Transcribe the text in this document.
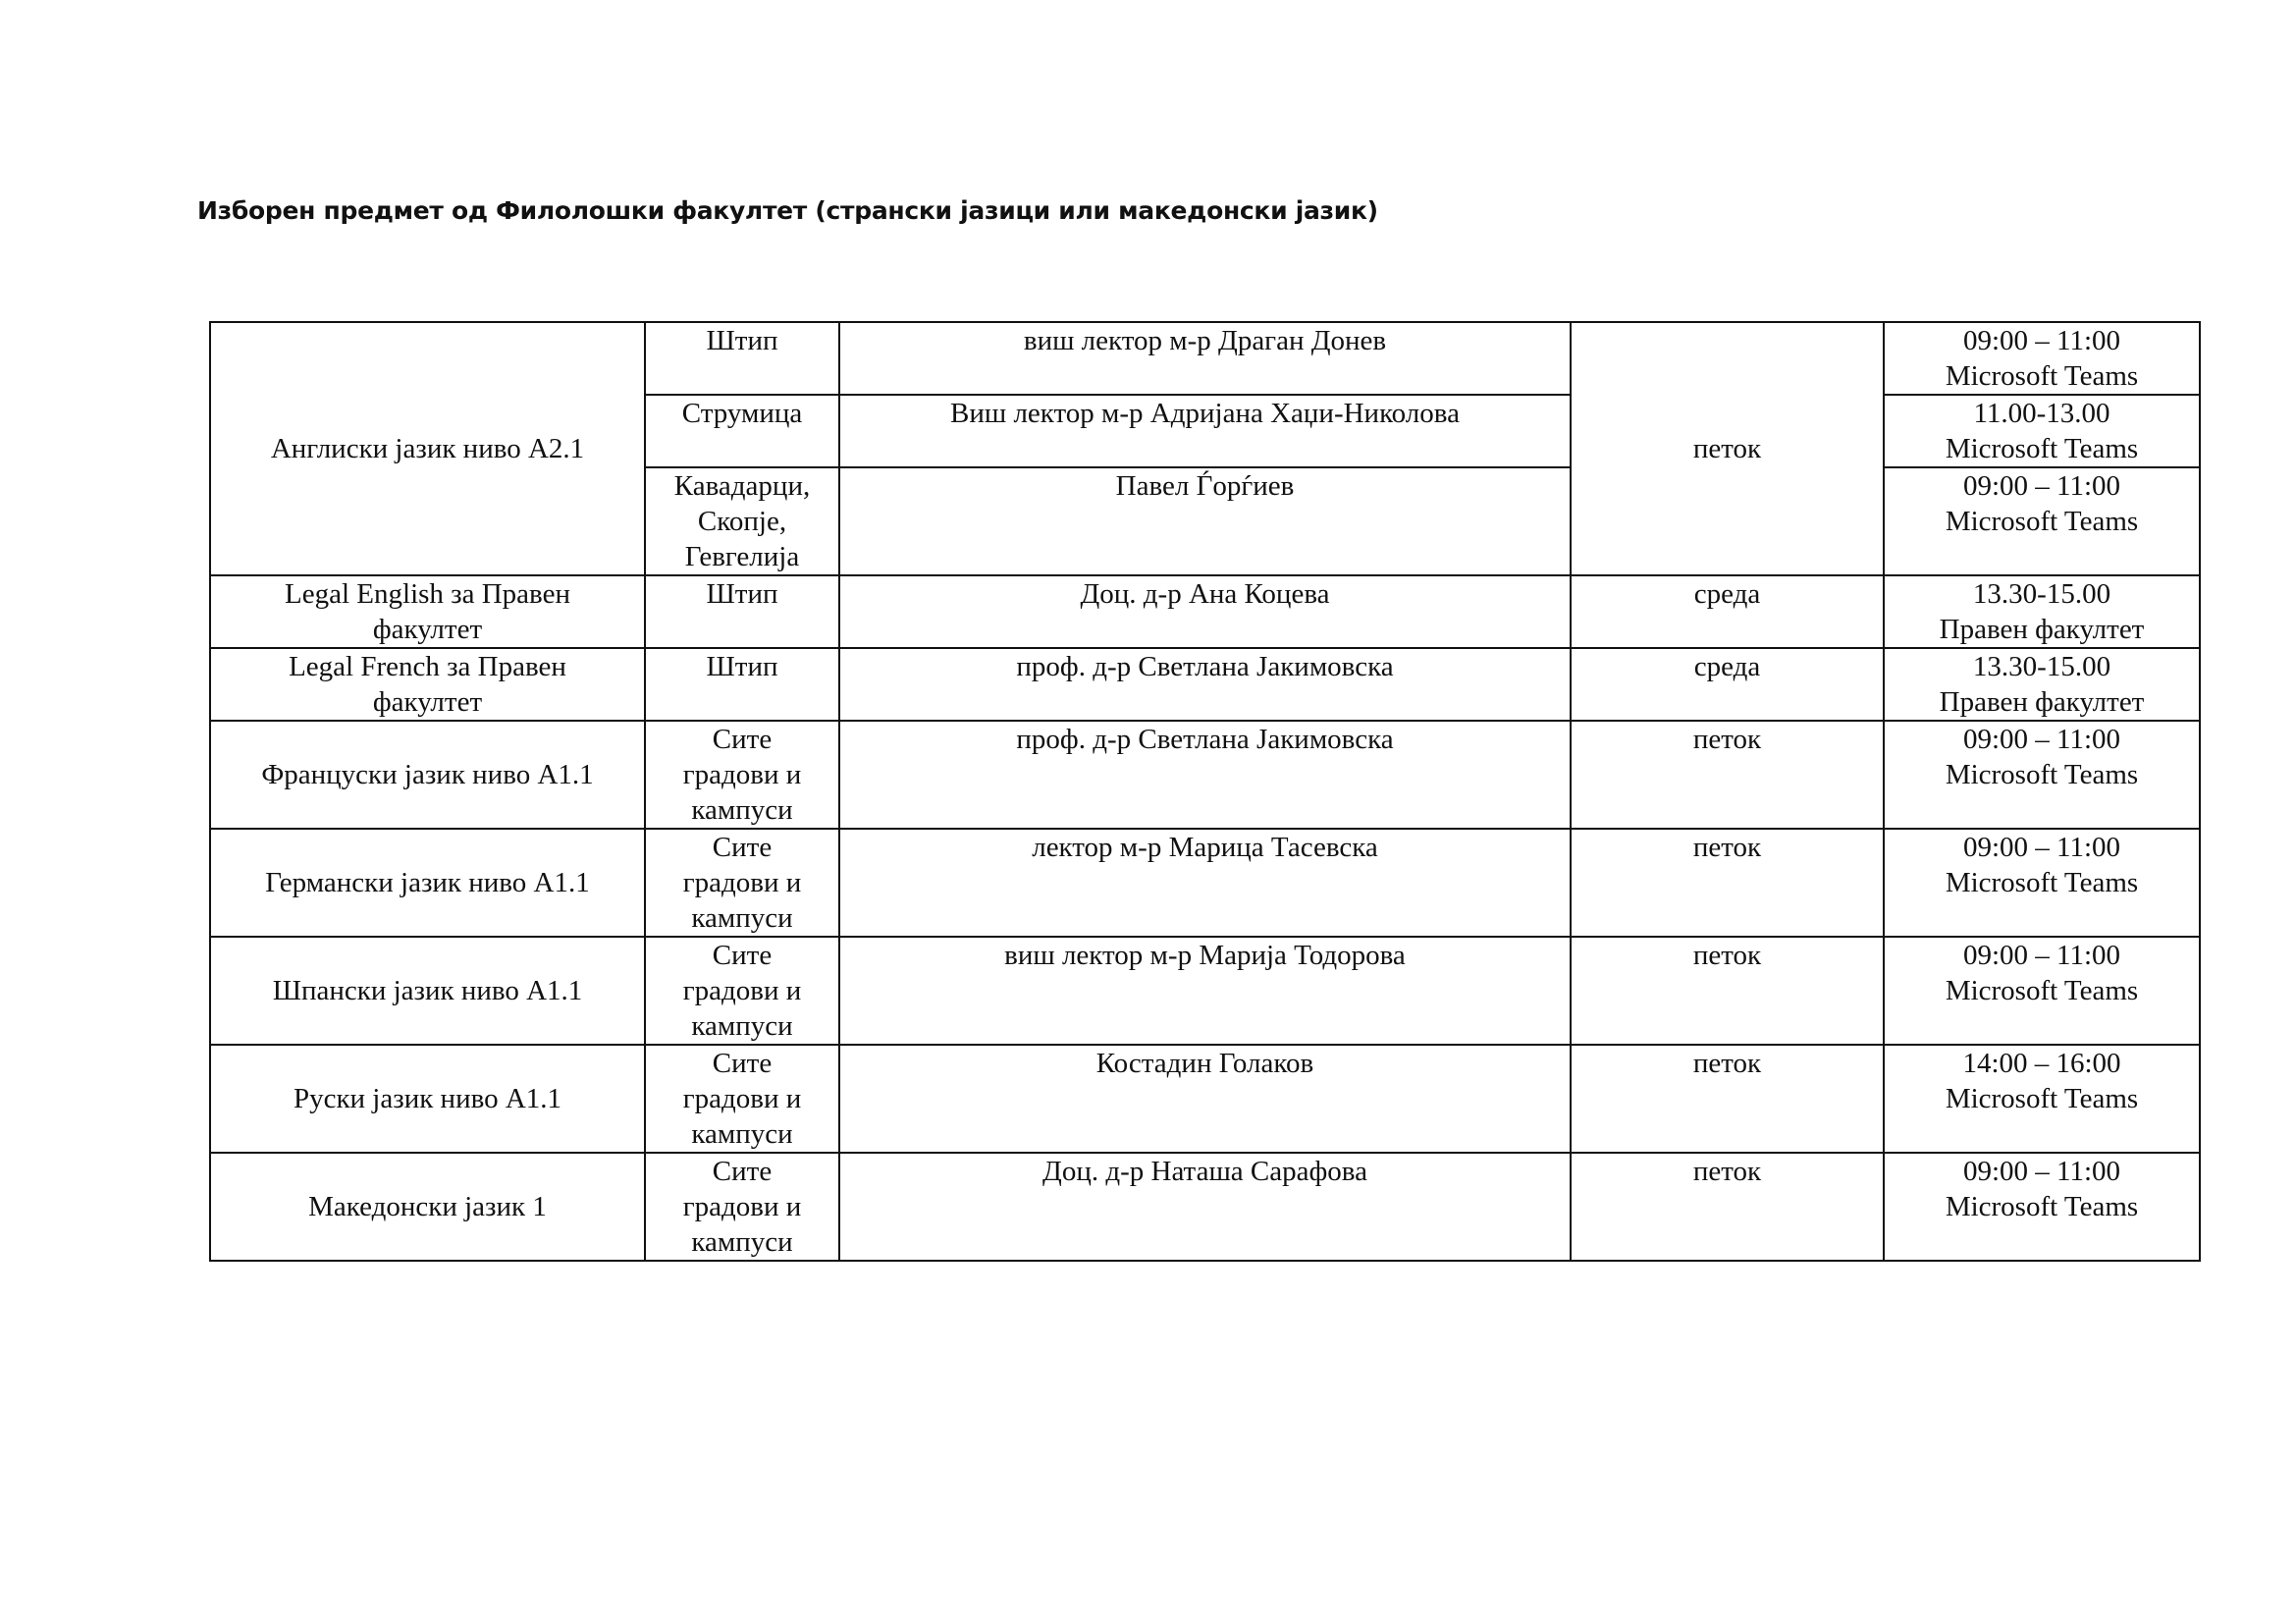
Изборен предмет од Филолошки факултет (странски јазици или македонски јазик)
Англиски јазик ниво А2.1	Штип	виш лектор м-р Драган Донев	петок	09:00 – 11:00
Microsoft Teams

	Струмица	Виш лектор м-р Адријана Хаџи-Николова		11.00-13.00
Microsoft Teams

	Кавадарци,
Скопје,
Гевгелија	Павел Ѓорѓиев		09:00 – 11:00
Microsoft Teams

Legal English за Правен
факултет	Штип	Доц. д-р Ана Коцева	среда	13.30-15.00
Правен факултет

Legal French за Правен
факултет	Штип	проф. д-р Светлана Јакимовска	среда	13.30-15.00
Правен факултет

Француски јазик ниво А1.1	Сите
градови и
кампуси	проф. д-р Светлана Јакимовска	петок	09:00 – 11:00
Microsoft Teams

Германски јазик ниво А1.1	Сите
градови и
кампуси	лектор м-р Марица Тасевска	петок	09:00 – 11:00
Microsoft Teams

Шпански јазик ниво А1.1	Сите
градови и
кампуси	виш лектор м-р Марија Тодорова	петок	09:00 – 11:00
Microsoft Teams

Руски јазик ниво А1.1	Сите
градови и
кампуси	Костадин Голаков	петок	14:00 – 16:00
Microsoft Teams

Македонски јазик 1	Сите
градови и
кампуси	Доц. д-р Наташа Сарафова	петок	09:00 – 11:00
Microsoft Teams
